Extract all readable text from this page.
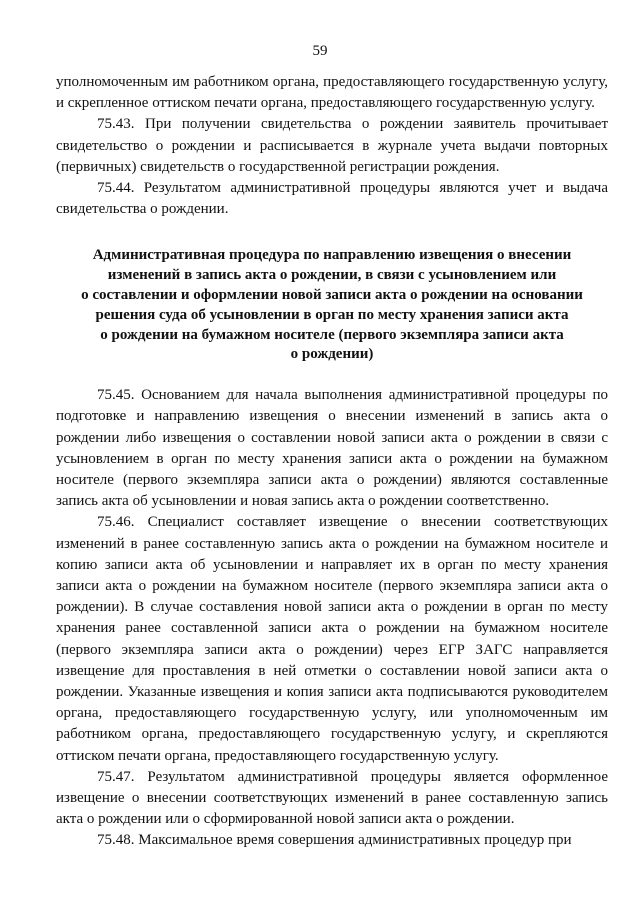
59

уполномоченным им работником органа, предоставляющего государственную услугу, и скрепленное оттиском печати органа, предоставляющего государственную услугу.

75.43. При получении свидетельства о рождении заявитель прочитывает свидетельство о рождении и расписывается в журнале учета выдачи повторных (первичных) свидетельств о государственной регистрации рождения.

75.44. Результатом административной процедуры являются учет и выдача свидетельства о рождении.

Административная процедура по направлению извещения о внесении
изменений в запись акта о рождении, в связи с усыновлением или
о составлении и оформлении новой записи акта о рождении на основании
решения суда об усыновлении в орган по месту хранения записи акта
о рождении на бумажном носителе (первого экземпляра записи акта
о рождении)

75.45. Основанием для начала выполнения административной процедуры по подготовке и направлению извещения о внесении изменений в запись акта о рождении либо извещения о составлении новой записи акта о рождении в связи с усыновлением в орган по месту хранения записи акта о рождении на бумажном носителе (первого экземпляра записи акта о рождении) являются составленные запись акта об усыновлении и новая запись акта о рождении соответственно.

75.46. Специалист составляет извещение о внесении соответствующих изменений в ранее составленную запись акта о рождении на бумажном носителе и копию записи акта об усыновлении и направляет их в орган по месту хранения записи акта о рождении на бумажном носителе (первого экземпляра записи акта о рождении). В случае составления новой записи акта о рождении в орган по месту хранения ранее составленной записи акта о рождении на бумажном носителе (первого экземпляра записи акта о рождении) через ЕГР ЗАГС направляется извещение для проставления в ней отметки о составлении новой записи акта о рождении. Указанные извещения и копия записи акта подписываются руководителем органа, предоставляющего государственную услугу, или уполномоченным им работником органа, предоставляющего государственную услугу, и скрепляются оттиском печати органа, предоставляющего государственную услугу.

75.47. Результатом административной процедуры является оформленное извещение о внесении соответствующих изменений в ранее составленную запись акта о рождении или о сформированной новой записи акта о рождении.

75.48. Максимальное время совершения административных процедур при
